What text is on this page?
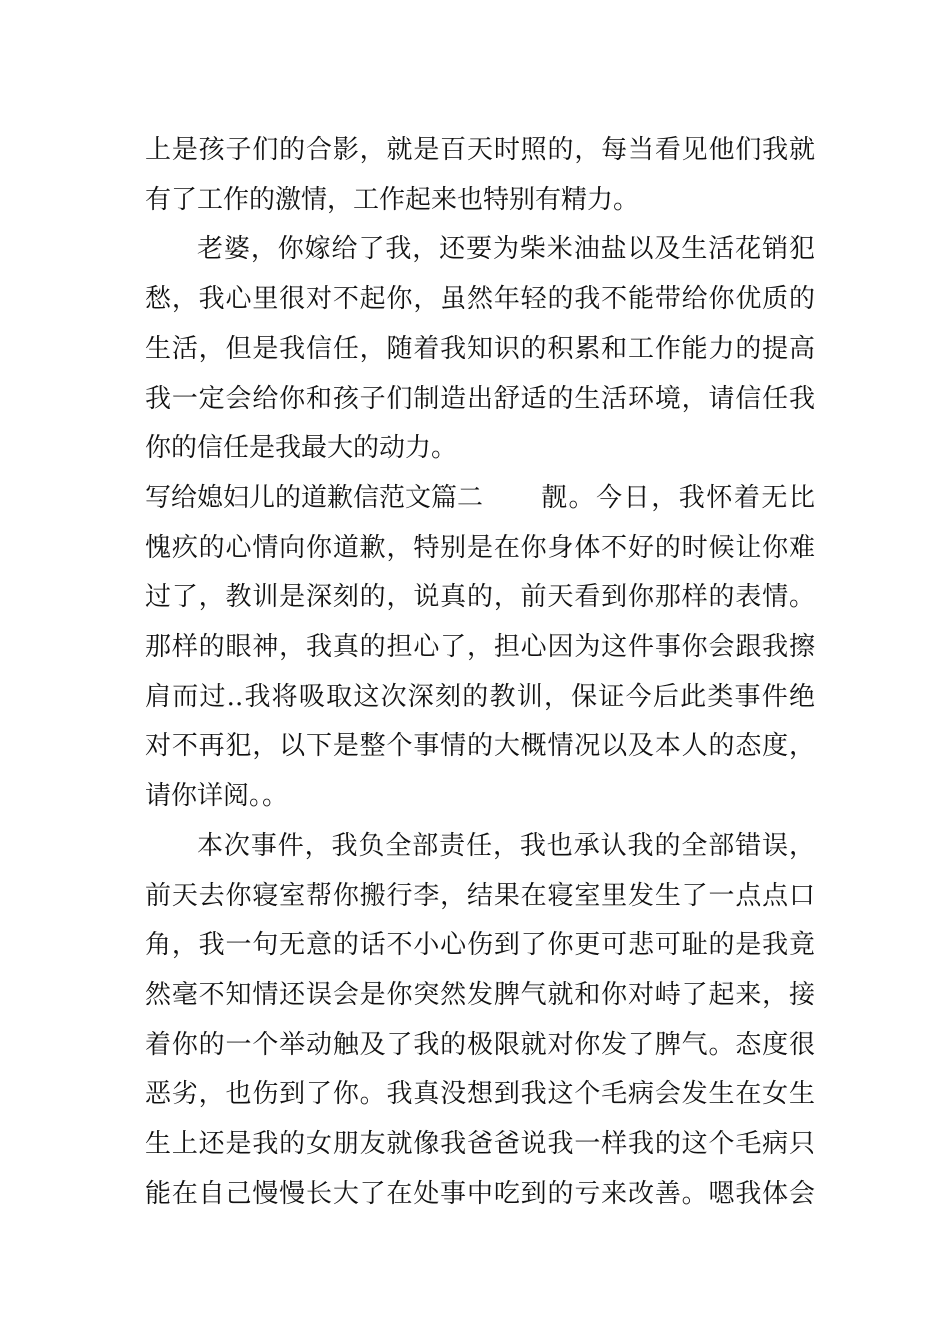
上是孩子们的合影，就是百天时照的，每当看见他们我就
有了工作的激情，工作起来也特别有精力。
老婆，你嫁给了我，还要为柴米油盐以及生活花销犯
愁，我心里很对不起你，虽然年轻的我不能带给你优质的
生活，但是我信任，随着我知识的积累和工作能力的提高
我一定会给你和孩子们制造出舒适的生活环境，请信任我
你的信任是我最大的动力。
写给媳妇儿的道歉信范文篇二 靓。今日，我怀着无比
愧疚的心情向你道歉，特别是在你身体不好的时候让你难
过了，教训是深刻的，说真的，前天看到你那样的表情。
那样的眼神，我真的担心了，担心因为这件事你会跟我擦
肩而过..我将吸取这次深刻的教训，保证今后此类事件绝
对不再犯，以下是整个事情的大概情况以及本人的态度，
请你详阅。。
本次事件，我负全部责任，我也承认我的全部错误，
前天去你寝室帮你搬行李，结果在寝室里发生了一点点口
角，我一句无意的话不小心伤到了你更可悲可耻的是我竟
然毫不知情还误会是你突然发脾气就和你对峙了起来，接
着你的一个举动触及了我的极限就对你发了脾气。态度很
恶劣，也伤到了你。我真没想到我这个毛病会发生在女生
生上还是我的女朋友就像我爸爸说我一样我的这个毛病只
能在自己慢慢长大了在处事中吃到的亏来改善。嗯我体会
